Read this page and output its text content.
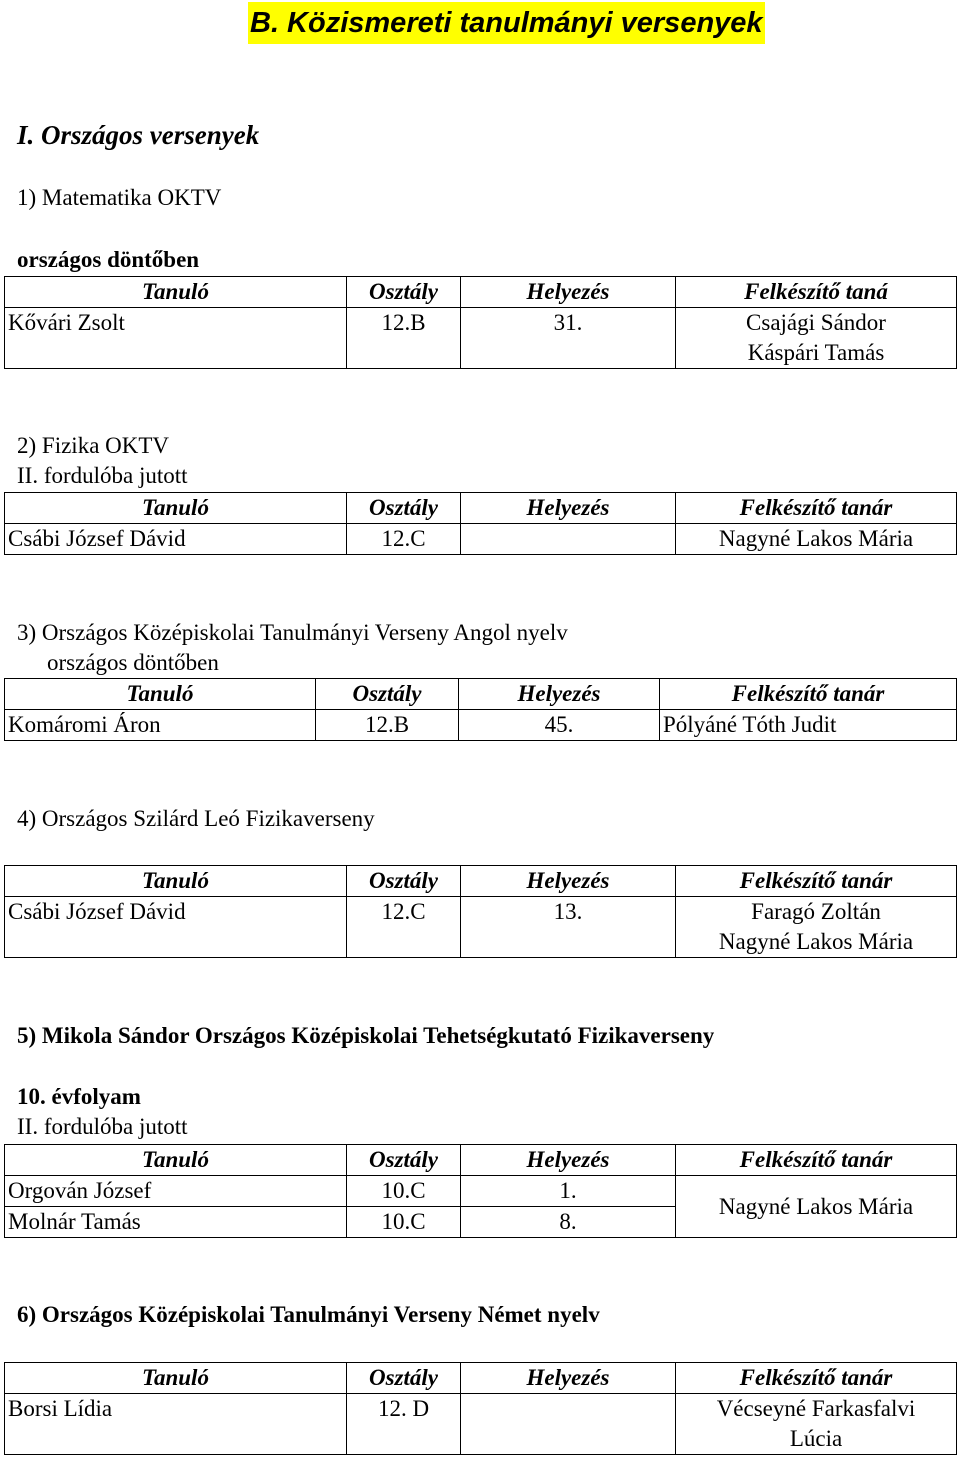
B. Közismereti tanulmányi versenyek
I. Országos versenyek
1) Matematika OKTV
országos döntőben
Tanuló	Osztály	Helyezés	Felkészítő taná
Kővári Zsolt	12.B	31.	Csajági Sándor
Káspári Tamás
2) Fizika OKTV
II. fordulóba jutott
Tanuló	Osztály	Helyezés	Felkészítő tanár
Csábi József Dávid	12.C		Nagyné Lakos Mária
3) Országos Középiskolai Tanulmányi Verseny Angol nyelv
országos döntőben
Tanuló	Osztály	Helyezés	Felkészítő tanár
Komáromi Áron	12.B	45.	Pólyáné Tóth Judit
4) Országos Szilárd Leó Fizikaverseny
Tanuló	Osztály	Helyezés	Felkészítő tanár
Csábi József Dávid	12.C	13.	Faragó Zoltán
Nagyné Lakos Mária
5) Mikola Sándor Országos Középiskolai Tehetségkutató Fizikaverseny
10. évfolyam
II. fordulóba jutott
Tanuló	Osztály	Helyezés	Felkészítő tanár
Orgován József	10.C	1.	Nagyné Lakos Mária
Molnár Tamás	10.C	8.	
6) Országos Középiskolai Tanulmányi Verseny Német nyelv
Tanuló	Osztály	Helyezés	Felkészítő tanár
Borsi Lídia	12. D		Vécseyné Farkasfalvi
Lúcia
